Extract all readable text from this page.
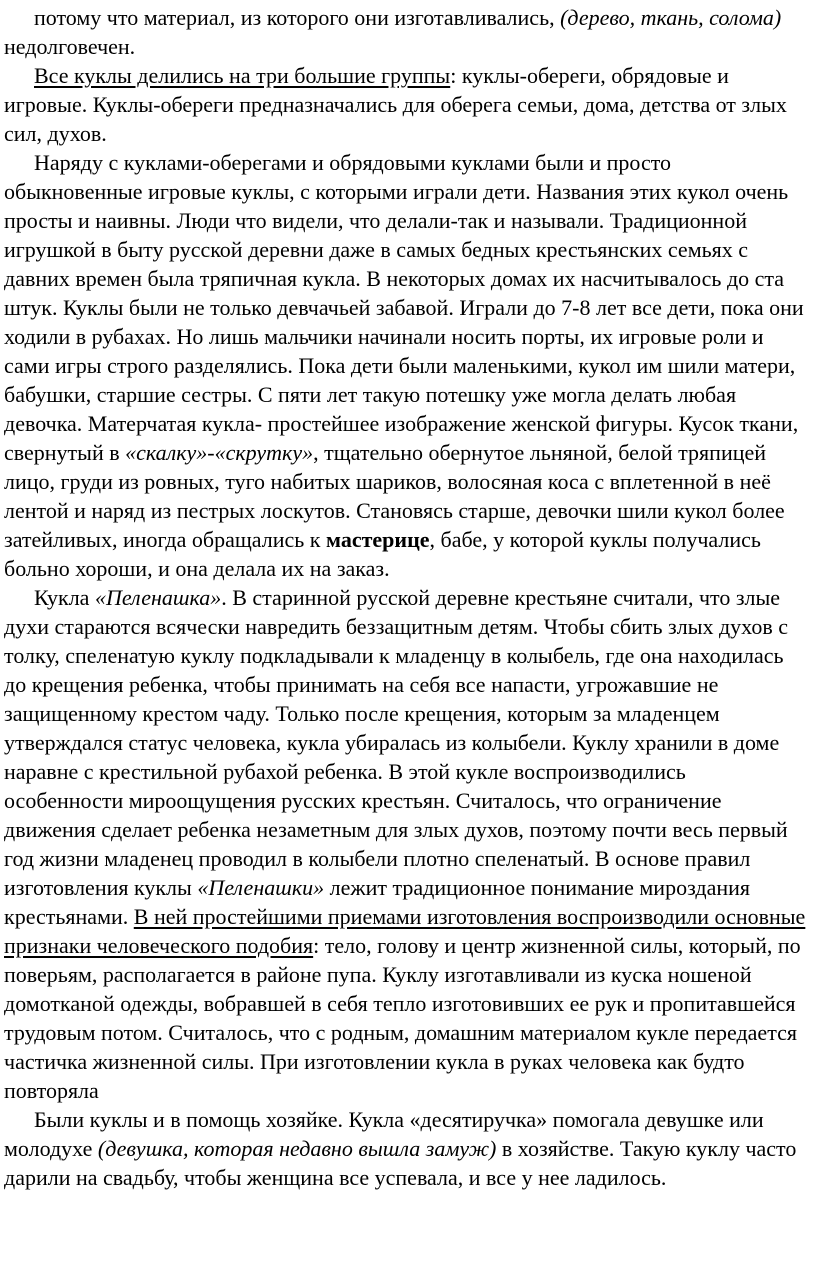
потому что материал, из которого они изготавливались, (дерево, ткань, солома) недолговечен.

Все куклы делились на три большие группы: куклы-обереги, обрядовые и игровые. Куклы-обереги предназначались для оберега семьи, дома, детства от злых сил, духов.

Наряду с куклами-оберегами и обрядовыми куклами были и просто обыкновенные игровые куклы, с которыми играли дети. Названия этих кукол очень просты и наивны. Люди что видели, что делали-так и называли. Традиционной игрушкой в быту русской деревни даже в самых бедных крестьянских семьях с давних времен была тряпичная кукла. В некоторых домах их насчитывалось до ста штук. Куклы были не только девчачьей забавой. Играли до 7-8 лет все дети, пока они ходили в рубахах. Но лишь мальчики начинали носить порты, их игровые роли и сами игры строго разделялись. Пока дети были маленькими, кукол им шили матери, бабушки, старшие сестры. С пяти лет такую потешку уже могла делать любая девочка. Матерчатая кукла- простейшее изображение женской фигуры. Кусок ткани, свернутый в «скалку»-«скрутку», тщательно обернутое льняной, белой тряпицей лицо, груди из ровных, туго набитых шариков, волосяная коса с вплетенной в неё лентой и наряд из пестрых лоскутов. Становясь старше, девочки шили кукол более затейливых, иногда обращались к мастерице, бабе, у которой куклы получались больно хороши, и она делала их на заказ.

Кукла «Пеленашка». В старинной русской деревне крестьяне считали, что злые духи стараются всячески навредить беззащитным детям. Чтобы сбить злых духов с толку, спеленатую куклу подкладывали к младенцу в колыбель, где она находилась до крещения ребенка, чтобы принимать на себя все напасти, угрожавшие не защищенному крестом чаду. Только после крещения, которым за младенцем утверждался статус человека, кукла убиралась из колыбели. Куклу хранили в доме наравне с крестильной рубахой ребенка. В этой кукле воспроизводились особенности мироощущения русских крестьян. Считалось, что ограничение движения сделает ребенка незаметным для злых духов, поэтому почти весь первый год жизни младенец проводил в колыбели плотно спеленатый. В основе правил изготовления куклы «Пеленашки» лежит традиционное понимание мироздания крестьянами. В ней простейшими приемами изготовления воспроизводили основные признаки человеческого подобия: тело, голову и центр жизненной силы, который, по поверьям, располагается в районе пупа. Куклу изготавливали из куска ношеной домотканой одежды, вобравшей в себя тепло изготовивших ее рук и пропитавшейся трудовым потом. Считалось, что с родным, домашним материалом кукле передается частичка жизненной силы. При изготовлении кукла в руках человека как будто повторяла

Были куклы и в помощь хозяйке. Кукла «десятиручка» помогала девушке или молодухе (девушка, которая недавно вышла замуж) в хозяйстве. Такую куклу часто дарили на свадьбу, чтобы женщина все успевала, и все у нее ладилось.
